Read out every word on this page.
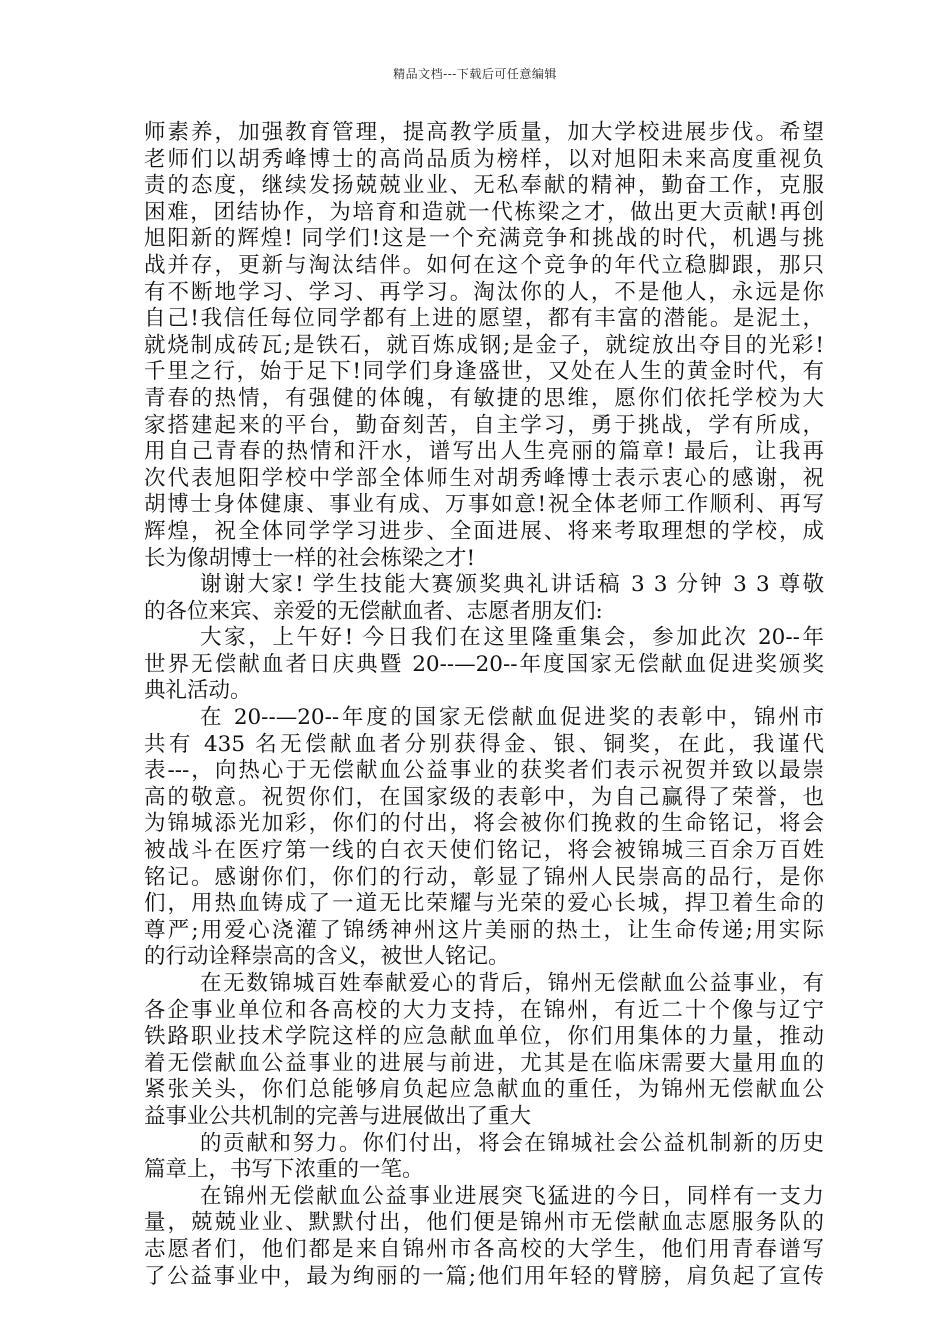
精品文档---下载后可任意编辑
师素养，加强教育管理，提高教学质量，加大学校进展步伐。希望
老师们以胡秀峰博士的高尚品质为榜样，以对旭阳未来高度重视负
责的态度，继续发扬兢兢业业、无私奉献的精神，勤奋工作，克服
困难，团结协作，为培育和造就一代栋梁之才，做出更大贡献!再创
旭阳新的辉煌! 同学们!这是一个充满竞争和挑战的时代，机遇与挑
战并存，更新与淘汰结伴。如何在这个竞争的年代立稳脚跟，那只
有不断地学习、学习、再学习。淘汰你的人，不是他人，永远是你
自己!我信任每位同学都有上进的愿望，都有丰富的潜能。是泥土，
就烧制成砖瓦;是铁石，就百炼成钢;是金子，就绽放出夺目的光彩!
千里之行，始于足下!同学们身逢盛世，又处在人生的黄金时代，有
青春的热情，有强健的体魄，有敏捷的思维，愿你们依托学校为大
家搭建起来的平台，勤奋刻苦，自主学习，勇于挑战，学有所成，
用自己青春的热情和汗水，谱写出人生亮丽的篇章! 最后，让我再
次代表旭阳学校中学部全体师生对胡秀峰博士表示衷心的感谢，祝
胡博士身体健康、事业有成、万事如意!祝全体老师工作顺利、再写
辉煌，祝全体同学学习进步、全面进展、将来考取理想的学校，成
长为像胡博士一样的社会栋梁之才!
谢谢大家! 学生技能大赛颁奖典礼讲话稿 3 3 分钟 3 3 尊敬
的各位来宾、亲爱的无偿献血者、志愿者朋友们:
大家，上午好! 今日我们在这里隆重集会，参加此次 20--年
世界无偿献血者日庆典暨 20--—20--年度国家无偿献血促进奖颁奖
典礼活动。
在 20--—20--年度的国家无偿献血促进奖的表彰中，锦州市
共有 435 名无偿献血者分别获得金、银、铜奖，在此，我谨代
表---，向热心于无偿献血公益事业的获奖者们表示祝贺并致以最崇
高的敬意。祝贺你们，在国家级的表彰中，为自己赢得了荣誉，也
为锦城添光加彩，你们的付出，将会被你们挽救的生命铭记，将会
被战斗在医疗第一线的白衣天使们铭记，将会被锦城三百余万百姓
铭记。感谢你们，你们的行动，彰显了锦州人民崇高的品行，是你
们，用热血铸成了一道无比荣耀与光荣的爱心长城，捍卫着生命的
尊严;用爱心浇灌了锦绣神州这片美丽的热土，让生命传递;用实际
的行动诠释崇高的含义，被世人铭记。
在无数锦城百姓奉献爱心的背后，锦州无偿献血公益事业，有
各企事业单位和各高校的大力支持，在锦州，有近二十个像与辽宁
铁路职业技术学院这样的应急献血单位，你们用集体的力量，推动
着无偿献血公益事业的进展与前进，尤其是在临床需要大量用血的
紧张关头，你们总能够肩负起应急献血的重任，为锦州无偿献血公
益事业公共机制的完善与进展做出了重大
的贡献和努力。你们付出，将会在锦城社会公益机制新的历史
篇章上，书写下浓重的一笔。
在锦州无偿献血公益事业进展突飞猛进的今日，同样有一支力
量，兢兢业业、默默付出，他们便是锦州市无偿献血志愿服务队的
志愿者们，他们都是来自锦州市各高校的大学生，他们用青春谱写
了公益事业中，最为绚丽的一篇;他们用年轻的臂膀，肩负起了宣传
